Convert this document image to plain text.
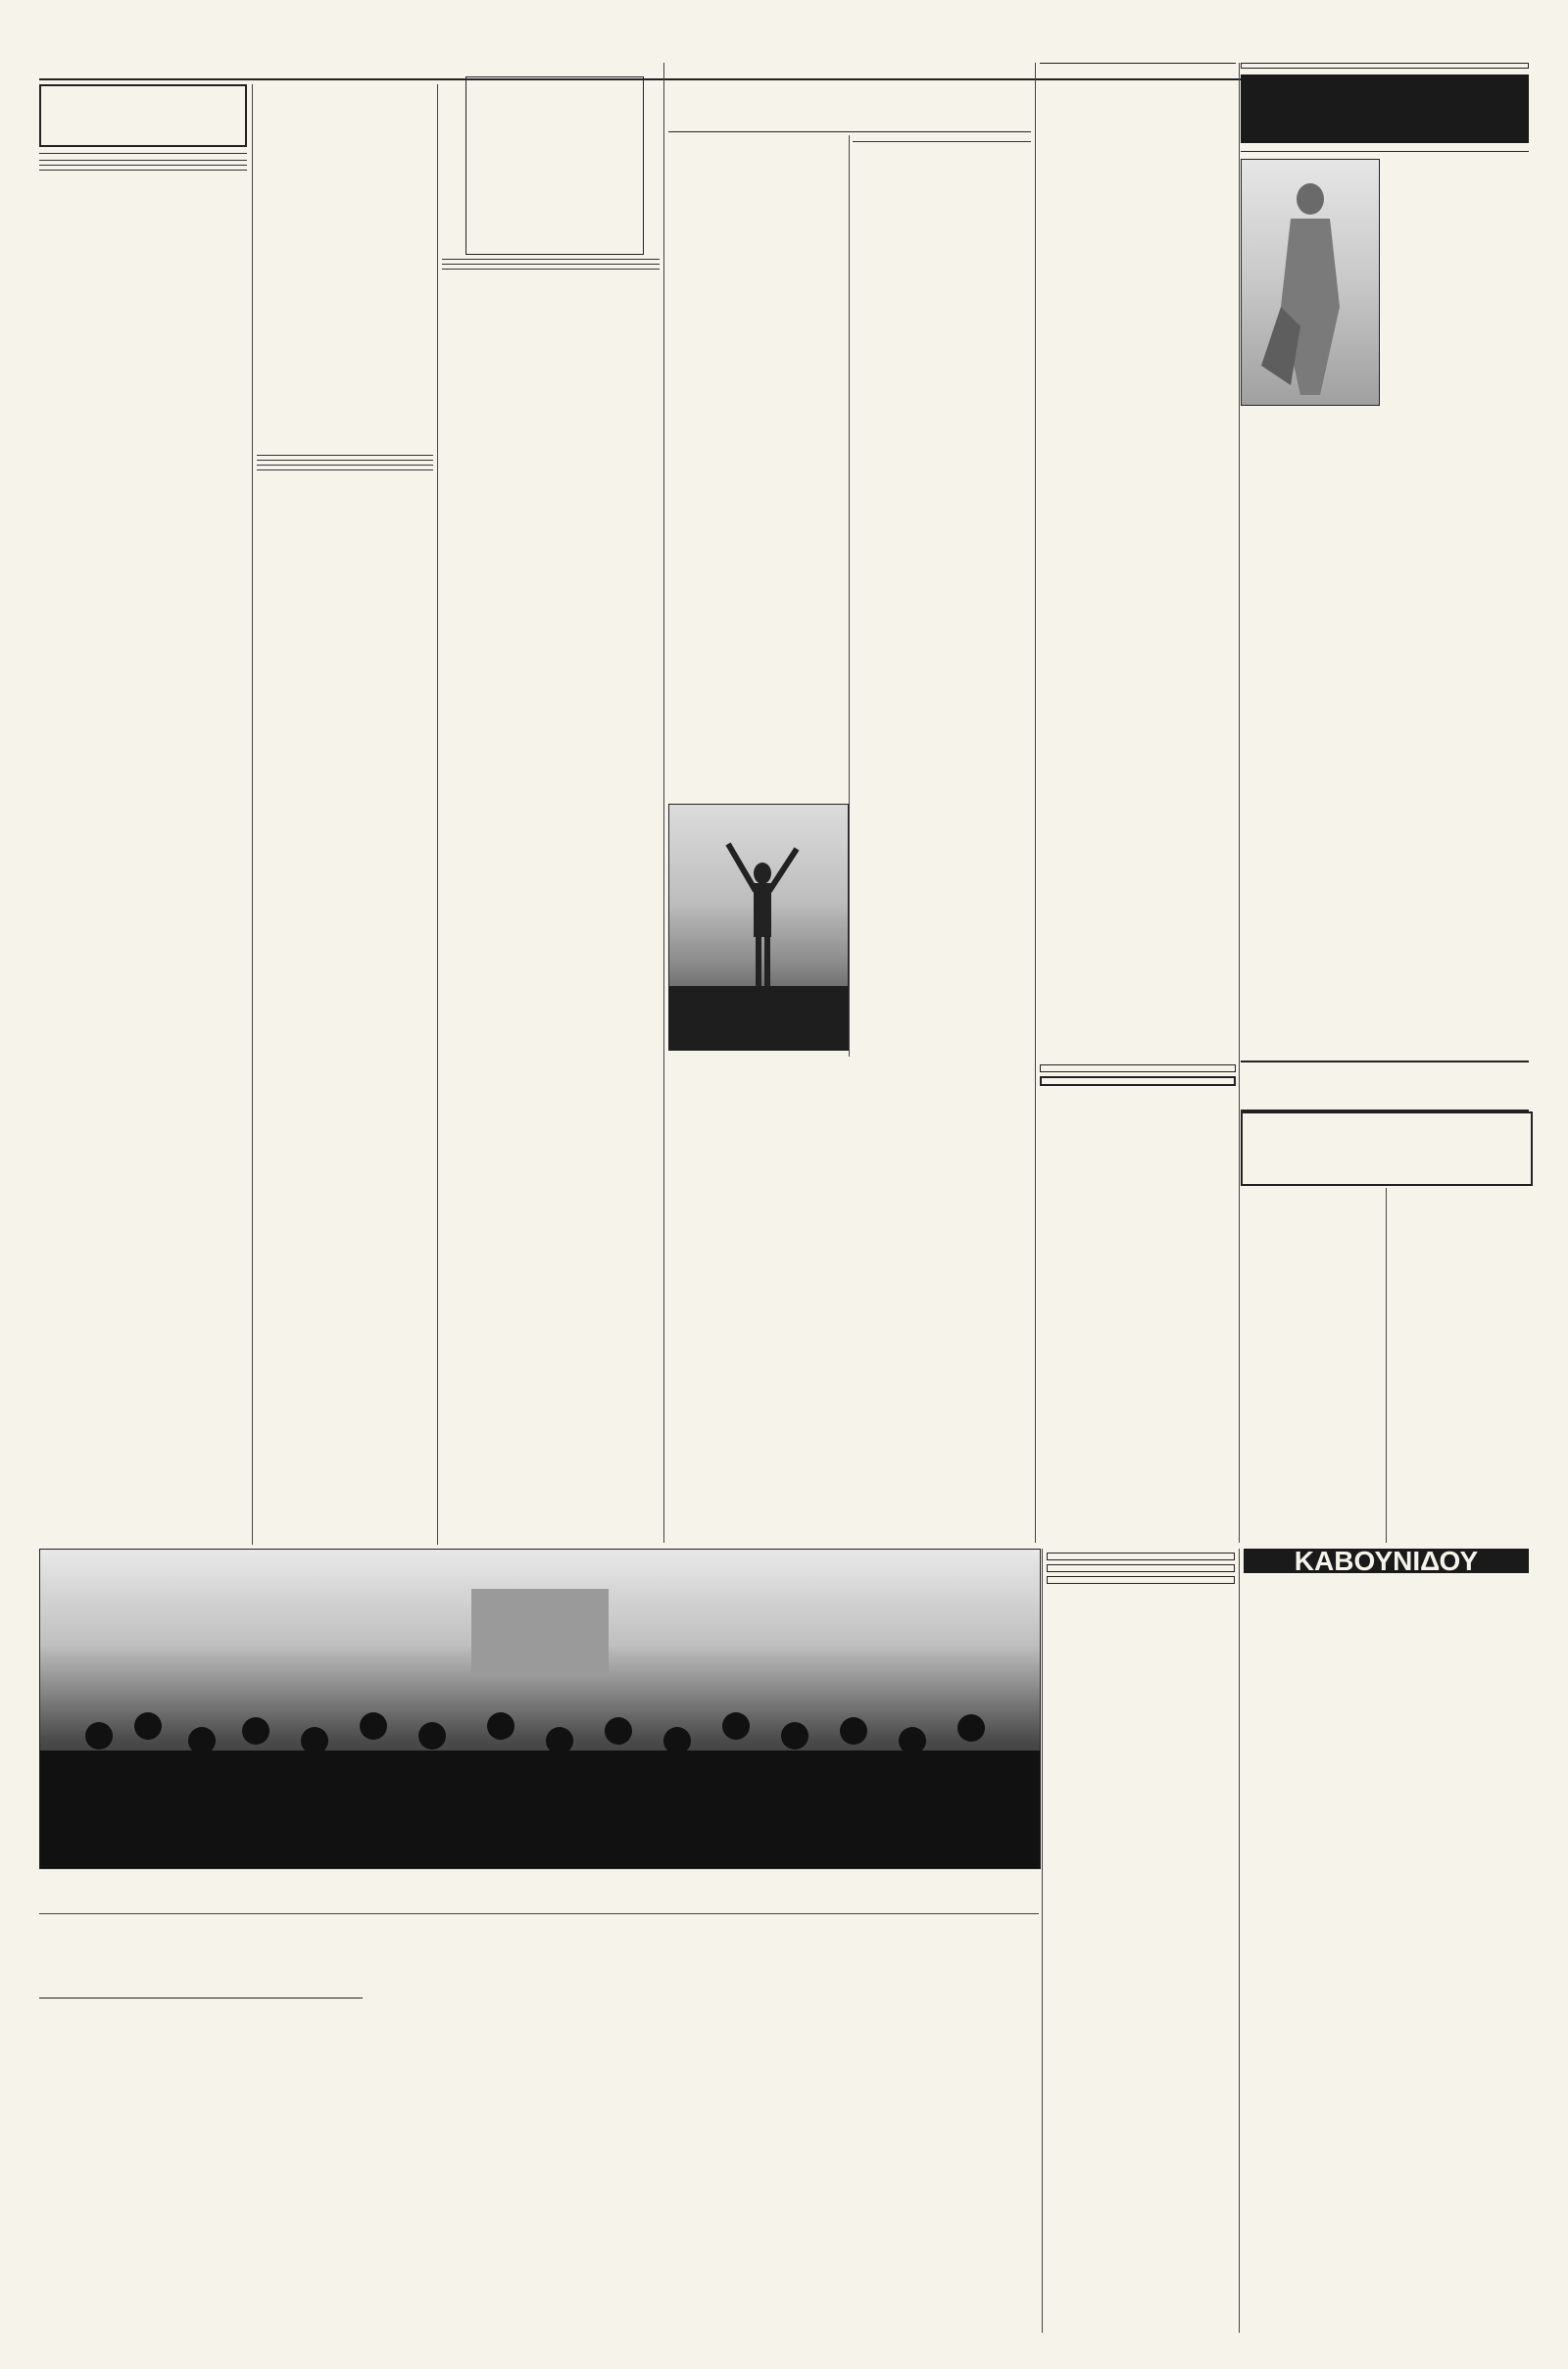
ΚΑΒΟΥΝΙΔΟΥ
